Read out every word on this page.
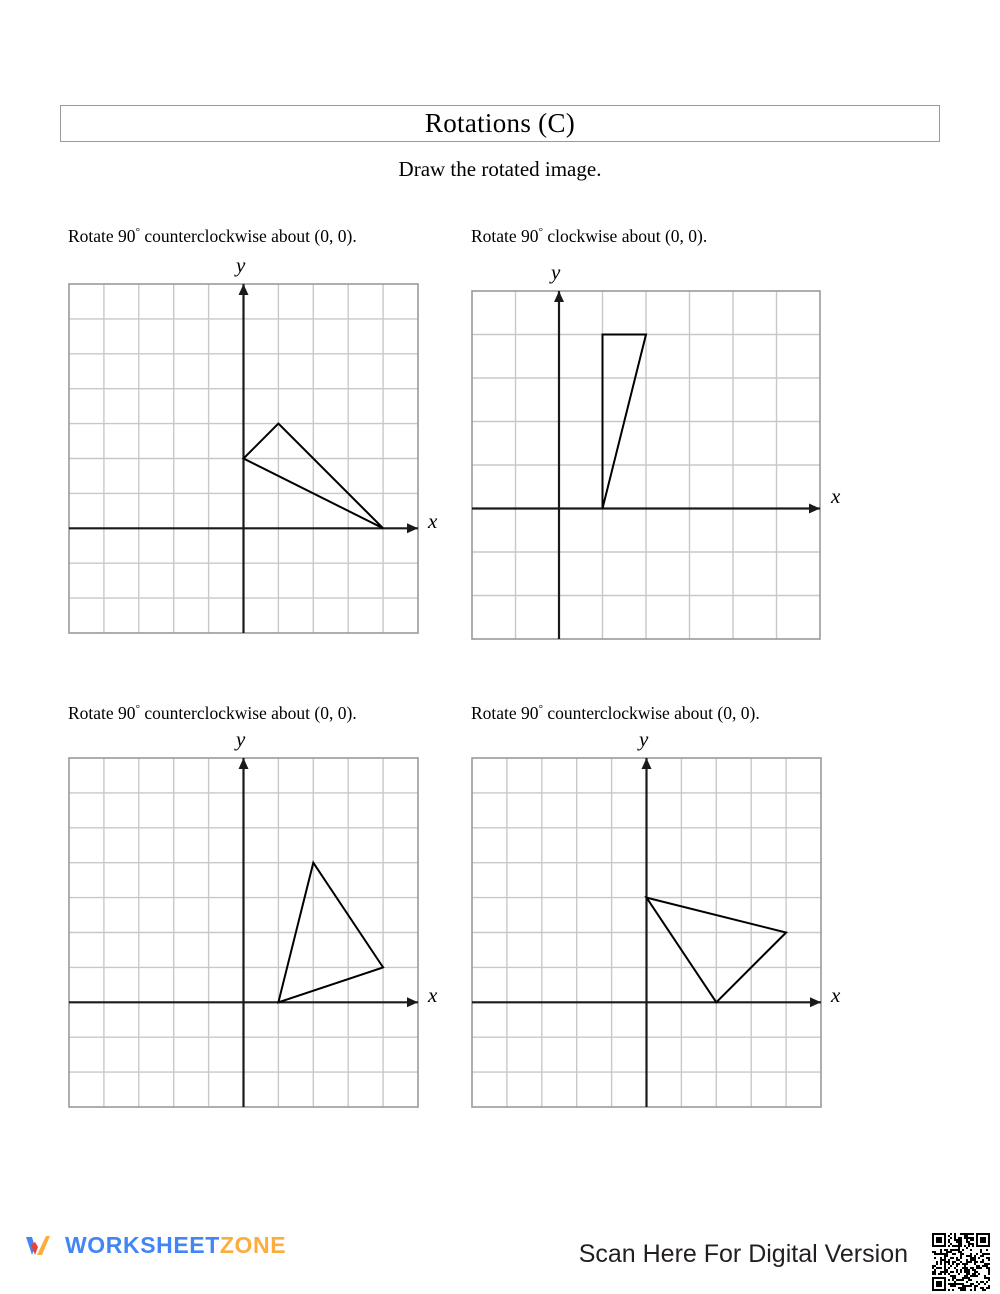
Rotations (C)
Draw the rotated image.
Rotate 90° counterclockwise about (0, 0).
y
x
Rotate 90° clockwise about (0, 0).
y
x
Rotate 90° counterclockwise about (0, 0).
y
x
Rotate 90° counterclockwise about (0, 0).
y
x
WORKSHEETZONE	Scan Here For Digital Version
